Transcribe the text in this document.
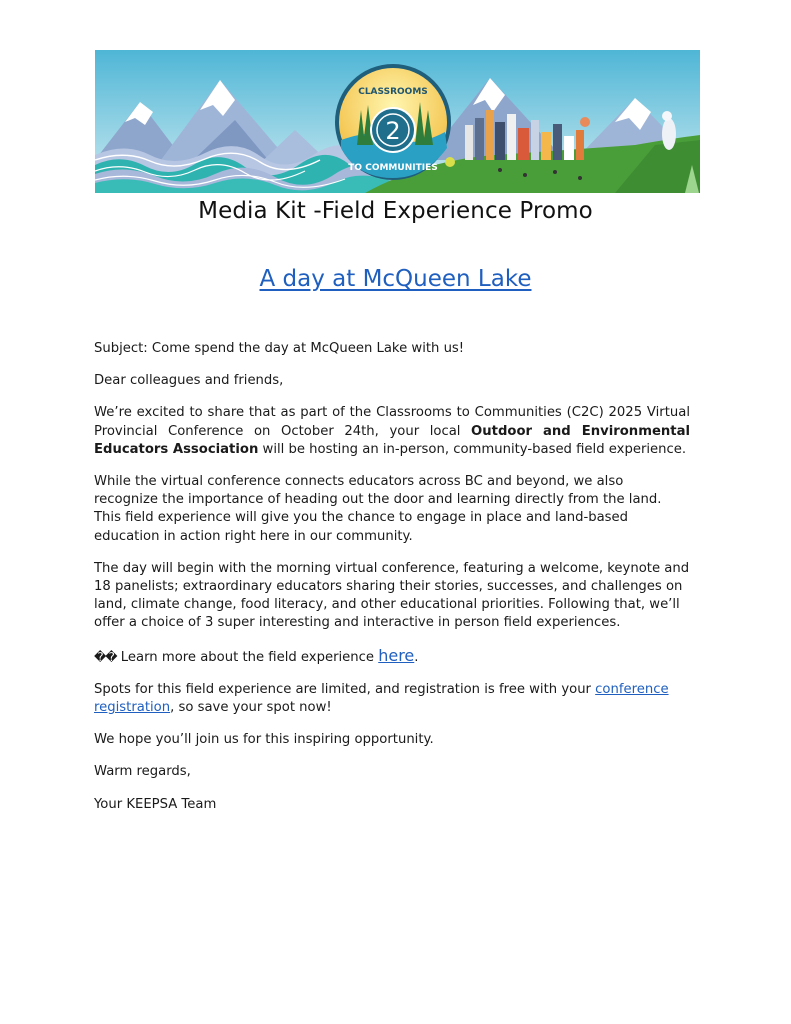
2
CLASSROOMS
TO COMMUNITIES
Media Kit -Field Experience Promo
A day at McQueen Lake

Subject: Come spend the day at McQueen Lake with us!

Dear colleagues and friends,

We’re excited to share that as part of the Classrooms to Communities (C2C) 2025 Virtual Provincial Conference on October 24th, your local Outdoor and Environmental Educators Association will be hosting an in-person, community-based field experience.

While the virtual conference connects educators across BC and beyond, we also recognize the importance of heading out the door and learning directly from the land. This field experience will give you the chance to engage in place and land-based education in action right here in our community.

The day will begin with the morning virtual conference, featuring a welcome, keynote and 18 panelists; extraordinary educators sharing their stories, successes, and challenges on land, climate change, food literacy, and other educational priorities. Following that, we’ll offer a choice of 3 super interesting and interactive in person field experiences.

�� Learn more about the field experience here.

Spots for this field experience are limited, and registration is free with your conference registration, so save your spot now!

We hope you’ll join us for this inspiring opportunity.

Warm regards,

Your KEEPSA Team
